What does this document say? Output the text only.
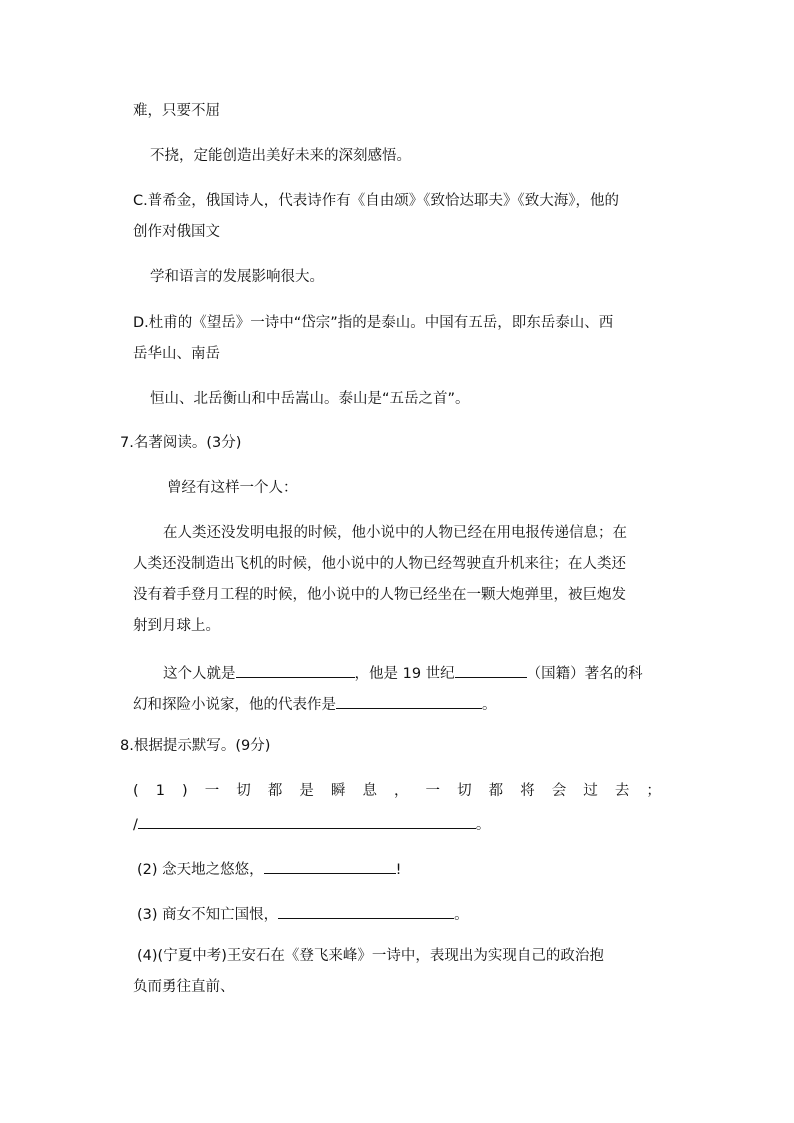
难，只要不屈
不挠，定能创造出美好未来的深刻感悟。
C.普希金，俄国诗人，代表诗作有《自由颂》《致恰达耶夫》《致大海》，他的
创作对俄国文
学和语言的发展影响很大。
D.杜甫的《望岳》一诗中“岱宗”指的是泰山。中国有五岳，即东岳泰山、西
岳华山、南岳
恒山、北岳衡山和中岳嵩山。泰山是“五岳之首”。
7.名著阅读。(3分)
曾经有这样一个人：
在人类还没发明电报的时候，他小说中的人物已经在用电报传递信息；在
人类还没制造出飞机的时候，他小说中的人物已经驾驶直升机来往；在人类还
没有着手登月工程的时候，他小说中的人物已经坐在一颗大炮弹里，被巨炮发
射到月球上。
这个人就是	，他是 19 世纪	（国籍）著名的科
幻和探险小说家，他的代表作是	。
8.根据提示默写。(9分)
( 1 ) 一 切 都 是 瞬 息 ， 一 切 都 将 会 过 去 ；
/	。
(2) 念天地之悠悠，	!
(3) 商女不知亡国恨，	。
(4)(宁夏中考)王安石在《登飞来峰》一诗中，表现出为实现自己的政治抱
负而勇往直前、
